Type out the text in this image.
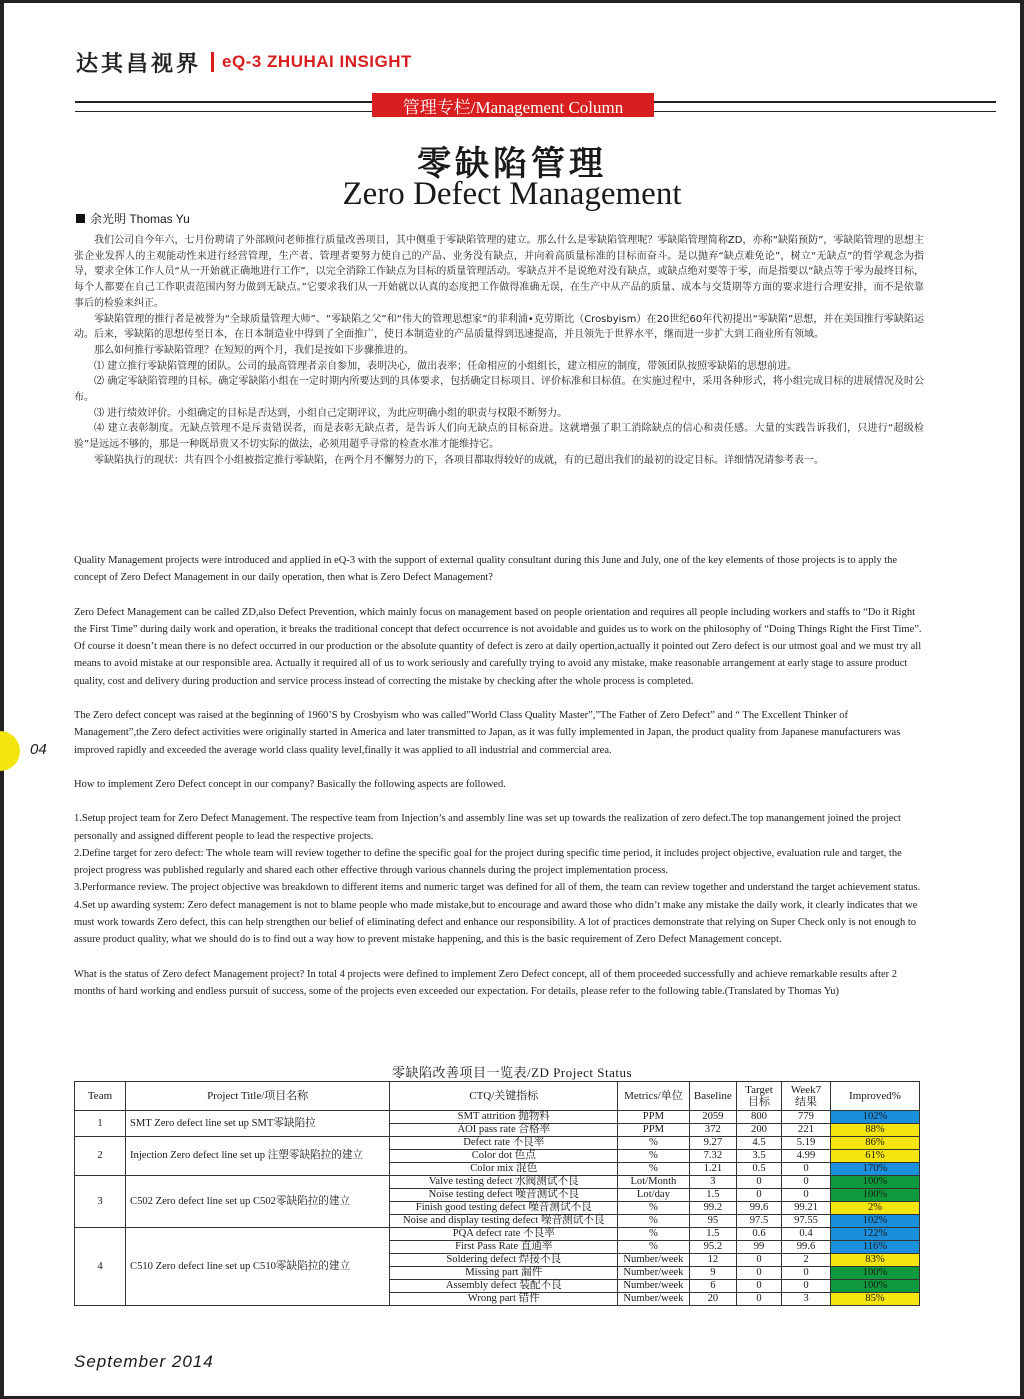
达其昌视界 eQ-3 ZHUHAI INSIGHT
管理专栏/Management Column
零缺陷管理
Zero Defect Management
余光明 Thomas Yu

我们公司自今年六，七月份聘请了外部顾问老师推行质量改善项目，其中侧重于零缺陷管理的建立。那么什么是零缺陷管理呢？零缺陷管理简称ZD，亦称“缺陷预防”，零缺陷管理的思想主张企业发挥人的主观能动性来进行经营管理，生产者、管理者要努力使自己的产品、业务没有缺点，并向着高质量标准的目标而奋斗。是以抛弃“缺点难免论”，树立“无缺点”的哲学观念为指导，要求全体工作人员“从一开始就正确地进行工作”，以完全消除工作缺点为目标的质量管理活动。零缺点并不是说绝对没有缺点，或缺点绝对要等于零，而是指要以“缺点等于零为最终目标，每个人都要在自己工作职责范围内努力做到无缺点。”它要求我们从一开始就以认真的态度把工作做得准确无误，在生产中从产品的质量、成本与交货期等方面的要求进行合理安排，而不是依靠事后的检验来纠正。

零缺陷管理的推行者是被誉为“全球质量管理大师”、“零缺陷之父”和“伟大的管理思想家”的菲利浦•克劳斯比（Crosbyism）在20世纪60年代初提出“零缺陷”思想，并在美国推行零缺陷运动。后来，零缺陷的思想传至日本，在日本制造业中得到了全面推广，使日本制造业的产品质量得到迅速提高，并且领先于世界水平，继而进一步扩大到工商业所有领域。

那么如何推行零缺陷管理？在短短的两个月，我们是按如下步骤推进的。

⑴ 建立推行零缺陷管理的团队。公司的最高管理者亲自参加，表明决心，做出表率；任命相应的小组组长，建立相应的制度，带领团队按照零缺陷的思想前进。

⑵ 确定零缺陷管理的目标。确定零缺陷小组在一定时期内所要达到的具体要求，包括确定目标项目、评价标准和目标值。在实施过程中，采用各种形式，将小组完成目标的进展情况及时公布。

⑶ 进行绩效评价。小组确定的目标是否达到，小组自己定期评议，为此应明确小组的职责与权限不断努力。

⑷ 建立表彰制度。无缺点管理不是斥责错误者，而是表彰无缺点者，是告诉人们向无缺点的目标奋进。这就增强了职工消除缺点的信心和责任感。大量的实践告诉我们，只进行“超级检验”是远远不够的，那是一种既昂贵又不切实际的做法，必须用超乎寻常的检查水准才能维持它。

零缺陷执行的现状：共有四个小组被指定推行零缺陷，在两个月不懈努力的下，各项目都取得较好的成就，有的已超出我们的最初的设定目标。详细情况请参考表一。

Quality Management projects were introduced and applied in eQ-3 with the support of external quality consultant during this June and July, one of the key elements of those projects is to apply the concept of Zero Defect Management in our daily operation, then what is Zero Defect Management?

Zero Defect Management can be called ZD,also Defect Prevention, which mainly focus on management based on people orientation and requires all people including workers and staffs to “Do it Right the First Time” during daily work and operation, it breaks the traditional concept that defect occurrence is not avoidable and guides us to work on the philosophy of “Doing Things Right the First Time”. Of course it doesn’t mean there is no defect occurred in our production or the absolute quantity of defect is zero at daily opertion,actually it pointed out Zero defect is our utmost goal and we must try all means to avoid mistake at our responsible area. Actually it required all of us to work seriously and carefully trying to avoid any mistake, make reasonable arrangement at early stage to assure product quality, cost and delivery during production and service process instead of correcting the mistake by checking after the whole process is completed.

The Zero defect concept was raised at the beginning of 1960’S by Crosbyism who was called”World Class Quality Master”,”The Father of Zero Defect” and “ The Excellent Thinker of Management”,the Zero defect activities were originally started in America and later transmitted to Japan, as it was fully implemented in Japan, the product quality from Japanese manufacturers was improved rapidly and exceeded the average world class quality level,finally it was applied to all industrial and commercial area.

How to implement Zero Defect concept in our company? Basically the following aspects are followed.

1.Setup project team for Zero Defect Management. The respective team from Injection’s and assembly line was set up towards the realization of zero defect.The top manangement joined the project personally and assigned different people to lead the respective projects.

2.Define target for zero defect: The whole team will review together to define the specific goal for the project during specific time period, it includes project objective, evaluation rule and target, the project progress was published regularly and shared each other effective through various channels during the project implementation process.

3.Performance review. The project objective was breakdown to different items and numeric target was defined for all of them, the team can review together and understand the target achievement status.

4.Set up awarding system: Zero defect management is not to blame people who made mistake,but to encourage and award those who didn’t make any mistake the daily work, it clearly indicates that we must work towards Zero defect, this can help strengthen our belief of eliminating defect and enhance our responsibility. A lot of practices demonstrate that relying on Super Check only is not enough to assure product quality, what we should do is to find out a way how to prevent mistake happening, and this is the basic requirement of Zero Defect Management concept.

What is the status of Zero defect Management project? In total 4 projects were defined to implement Zero Defect concept, all of them proceeded successfully and achieve remarkable results after 2 months of hard working and endless pursuit of success, some of the projects even exceeded our expectation. For details, please refer to the following table.(Translated by Thomas Yu)

04
零缺陷改善项目一览表/ZD Project Status
Team	Project Title/项目名称	CTQ/关键指标	Metrics/单位	Baseline	Target 目标	Week7 结果	Improved%
1	SMT Zero defect line set up SMT零缺陷拉	SMT attrition 抛物料	PPM	2059	800	779	102%
		AOI pass rate 合格率	PPM	372	200	221	88%
2	Injection Zero defect line set up 注塑零缺陷拉的建立	Defect rate 不良率	%	9.27	4.5	5.19	86%
		Color dot 色点	%	7.32	3.5	4.99	61%
		Color mix 混色	%	1.21	0.5	0	170%
3	C502 Zero defect line set up C502零缺陷拉的建立	Valve testing defect 水阀测试不良	Lot/Month	3	0	0	100%
		Noise testing defect 噪音测试不良	Lot/day	1.5	0	0	100%
		Finish good testing defect 噪音测试不良	%	99.2	99.6	99.21	2%
		Noise and display testing defect 噪音测试不良	%	95	97.5	97.55	102%
4	C510 Zero defect line set up C510零缺陷拉的建立	PQA defect rate 不良率	%	1.5	0.6	0.4	122%
		First Pass Rate 直通率	%	95.2	99	99.6	116%
		Soldering defect 焊接不良	Number/week	12	0	2	83%
		Missing part 漏件	Number/week	9	0	0	100%
		Assembly defect 装配不良	Number/week	6	0	0	100%
		Wrong part 错件	Number/week	20	0	3	85%
September 2014
